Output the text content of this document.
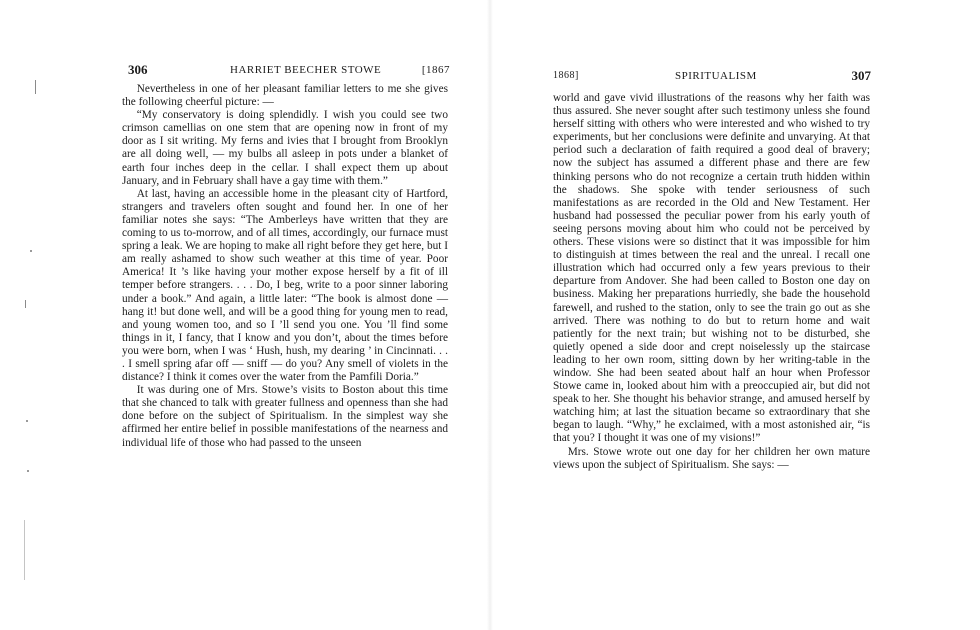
306	HARRIET BEECHER STOWE	[1867

Nevertheless in one of her pleasant familiar letters to me she gives the following cheerful picture: —

“My conservatory is doing splendidly. I wish you could see two crimson camellias on one stem that are opening now in front of my door as I sit writing. My ferns and ivies that I brought from Brooklyn are all doing well, — my bulbs all asleep in pots under a blanket of earth four inches deep in the cellar. I shall expect them up about January, and in February shall have a gay time with them.”

At last, having an accessible home in the pleasant city of Hartford, strangers and travelers often sought and found her. In one of her familiar notes she says: “The Amberleys have written that they are coming to us to-morrow, and of all times, accordingly, our furnace must spring a leak. We are hoping to make all right before they get here, but I am really ashamed to show such weather at this time of year. Poor America! It ’s like having your mother expose herself by a fit of ill temper before strangers. . . . Do, I beg, write to a poor sinner laboring under a book.” And again, a little later: “The book is almost done — hang it! but done well, and will be a good thing for young men to read, and young women too, and so I ’ll send you one. You ’ll find some things in it, I fancy, that I know and you don’t, about the times before you were born, when I was ‘ Hush, hush, my dearing ’ in Cincinnati. . . . I smell spring afar off — sniff — do you? Any smell of violets in the distance? I think it comes over the water from the Pamfili Doria.”

It was during one of Mrs. Stowe’s visits to Boston about this time that she chanced to talk with greater fullness and openness than she had done before on the subject of Spiritualism. In the simplest way she affirmed her entire belief in possible manifestations of the nearness and individual life of those who had passed to the unseen

1868]	SPIRITUALISM	307

world and gave vivid illustrations of the reasons why her faith was thus assured. She never sought after such testimony unless she found herself sitting with others who were interested and who wished to try experiments, but her conclusions were definite and unvarying. At that period such a declaration of faith required a good deal of bravery; now the subject has assumed a different phase and there are few thinking persons who do not recognize a certain truth hidden within the shadows. She spoke with tender seriousness of such manifestations as are recorded in the Old and New Testament. Her husband had possessed the peculiar power from his early youth of seeing persons moving about him who could not be perceived by others. These visions were so distinct that it was impossible for him to distinguish at times between the real and the unreal. I recall one illustration which had occurred only a few years previous to their departure from Andover. She had been called to Boston one day on business. Making her preparations hurriedly, she bade the household farewell, and rushed to the station, only to see the train go out as she arrived. There was nothing to do but to return home and wait patiently for the next train; but wishing not to be disturbed, she quietly opened a side door and crept noiselessly up the staircase leading to her own room, sitting down by her writing-table in the window. She had been seated about half an hour when Professor Stowe came in, looked about him with a preoccupied air, but did not speak to her. She thought his behavior strange, and amused herself by watching him; at last the situation became so extraordinary that she began to laugh. “Why,” he exclaimed, with a most astonished air, “is that you? I thought it was one of my visions!”

Mrs. Stowe wrote out one day for her children her own mature views upon the subject of Spiritualism. She says: —
